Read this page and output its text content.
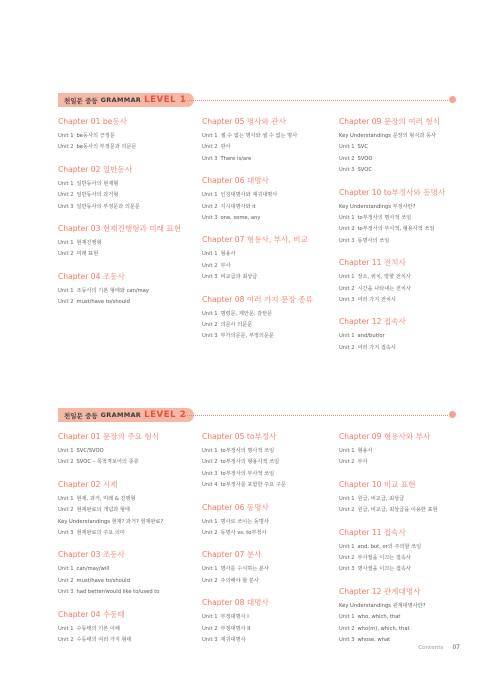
천일문 중등 GRAMMAR LEVEL 1
Chapter 01 be동사
Unit 1 be동사의 긍정문
Unit 2 be동사의 부정문과 의문문
Chapter 02 일반동사
Unit 1 일반동사의 현재형
Unit 2 일반동사의 과거형
Unit 3 일반동사의 부정문과 의문문
Chapter 03 현재진행형과 미래 표현
Unit 1 현재진행형
Unit 2 미래 표현
Chapter 04 조동사
Unit 1 조동사의 기본 형태와 can/may
Unit 2 must/have to/should
Chapter 05 명사와 관사
Unit 1 셀 수 없는 명사와 셀 수 없는 명사
Unit 2 관사
Unit 3 There is/are
Chapter 06 대명사
Unit 1 인칭대명사와 재귀대명사
Unit 2 지시대명사와 it
Unit 3 one, some, any
Chapter 07 형용사, 부사, 비교
Unit 1 형용사
Unit 2 부사
Unit 3 비교급과 최상급
Chapter 08 여러 가지 문장 종류
Unit 1 명령문, 제안문, 감탄문
Unit 2 의문사 의문문
Unit 3 부가의문문, 부정의문문
Chapter 09 문장의 여러 형식
Key Understandings 문장의 형식과 동사
Unit 1 SVC
Unit 2 SVOO
Unit 3 SVOC
Chapter 10 to부정사와 동명사
Key Understandings 부정사란?
Unit 1 to부정사의 명사적 쓰임
Unit 2 to부정사의 부사적, 형용사적 쓰임
Unit 3 동명사의 쓰임
Chapter 11 전치사
Unit 1 장소, 위치, 방향 전치사
Unit 2 시간을 나타내는 전치사
Unit 3 여러 가지 전치사
Chapter 12 접속사
Unit 1 and/but/or
Unit 2 여러 가지 접속사
천일문 중등 GRAMMAR LEVEL 2
Chapter 01 문장의 주요 형식
Unit 1 SVC/SVOO
Unit 2 SVOC – 목적격보어의 종류
Chapter 02 시제
Unit 1 현재, 과거, 미래 & 진행형
Unit 2 현재완료의 개념과 형태
Key Understandings 현재? 과거? 현재완료?
Unit 3 현재완료의 주요 의미
Chapter 03 조동사
Unit 1 can/may/will
Unit 2 must/have to/should
Unit 3 had better/would like to/used to
Chapter 04 수동태
Unit 1 수동태의 기본 이해
Unit 2 수동태의 여러 가지 형태
Chapter 05 to부정사
Unit 1 to부정사의 명사적 쓰임
Unit 2 to부정사의 형용사적 쓰임
Unit 3 to부정사의 부사적 쓰임
Unit 4 to부정사를 포함한 주요 구문
Chapter 06 동명사
Unit 1 명사로 쓰이는 동명사
Unit 2 동명사 vs. to부정사
Chapter 07 분사
Unit 1 명사를 수식하는 분사
Unit 2 주의해야 할 분사
Chapter 08 대명사
Unit 1 부정대명사 I
Unit 2 부정대명사 II
Unit 3 재귀대명사
Chapter 09 형용사와 부사
Unit 1 형용사
Unit 2 부사
Chapter 10 비교 표현
Unit 1 원급, 비교급, 최상급
Unit 2 원급, 비교급, 최상급을 이용한 표현
Chapter 11 접속사
Unit 1 and, but, or의 주의할 쓰임
Unit 2 부사절을 이끄는 접속사
Unit 3 명사절을 이끄는 접속사
Chapter 12 관계대명사
Key Understandings 관계대명사란?
Unit 1 who, which, that
Unit 2 who(m), which, that
Unit 3 whose, what
Contents 07
